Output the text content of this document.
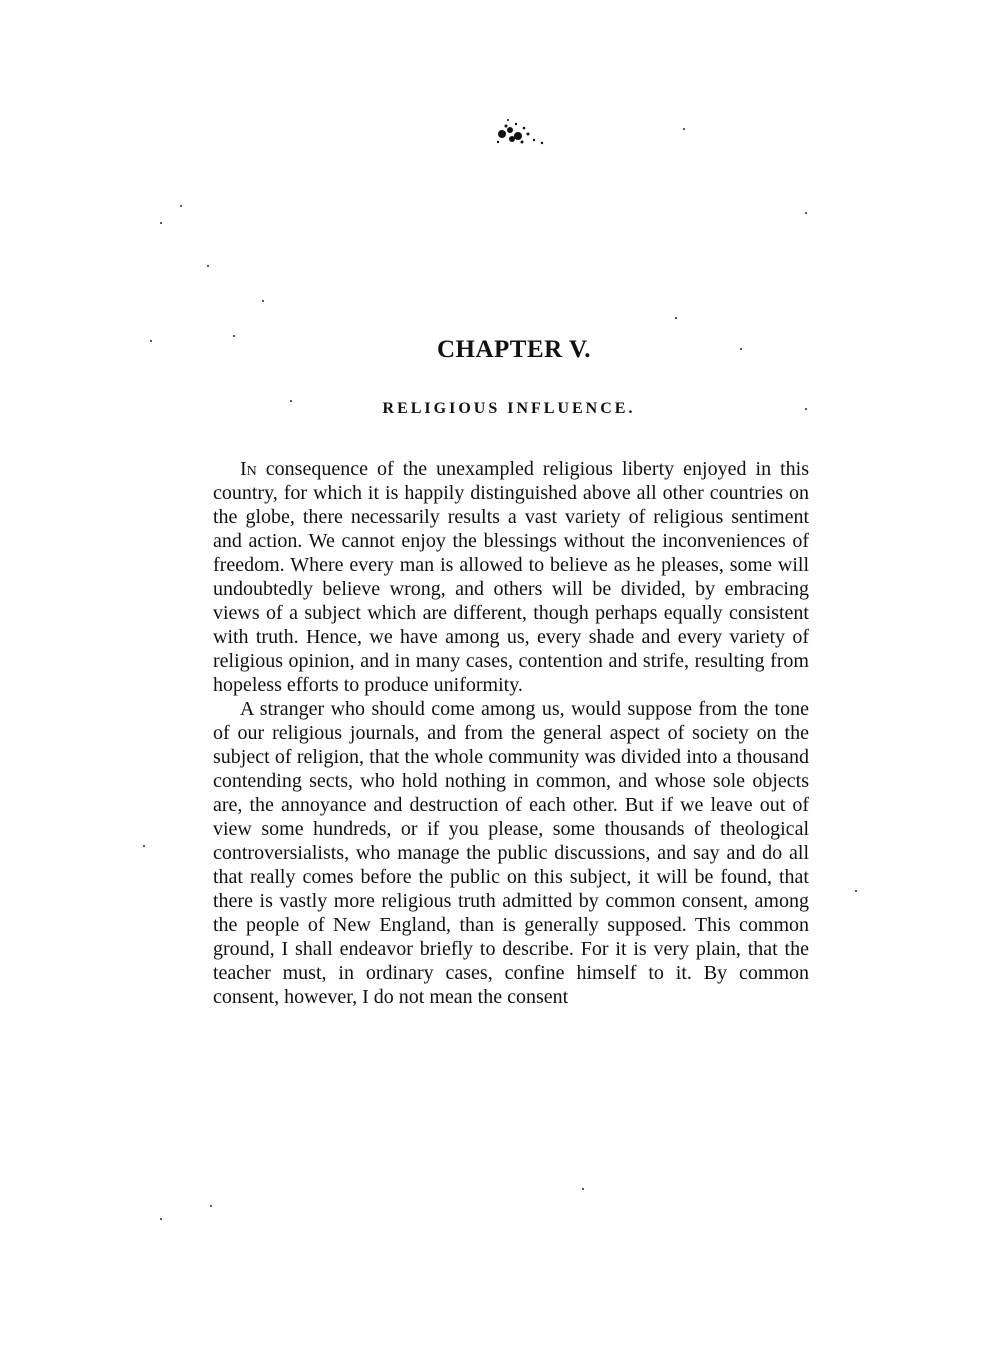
CHAPTER V.
RELIGIOUS INFLUENCE.

In consequence of the unexampled religious liberty enjoyed in this country, for which it is happily distinguished above all other countries on the globe, there necessarily results a vast variety of religious sentiment and action. We cannot enjoy the blessings without the inconveniences of freedom. Where every man is allowed to believe as he pleases, some will undoubtedly believe wrong, and others will be divided, by embracing views of a subject which are different, though perhaps equally consistent with truth. Hence, we have among us, every shade and every variety of religious opinion, and in many cases, contention and strife, resulting from hopeless efforts to produce uniformity.

A stranger who should come among us, would suppose from the tone of our religious journals, and from the general aspect of society on the subject of religion, that the whole community was divided into a thousand contending sects, who hold nothing in common, and whose sole objects are, the annoyance and destruction of each other. But if we leave out of view some hundreds, or if you please, some thousands of theological controversialists, who manage the public discussions, and say and do all that really comes before the public on this subject, it will be found, that there is vastly more religious truth admitted by common consent, among the people of New England, than is generally supposed. This common ground, I shall endeavor briefly to describe. For it is very plain, that the teacher must, in ordinary cases, confine himself to it. By common consent, however, I do not mean the consent
